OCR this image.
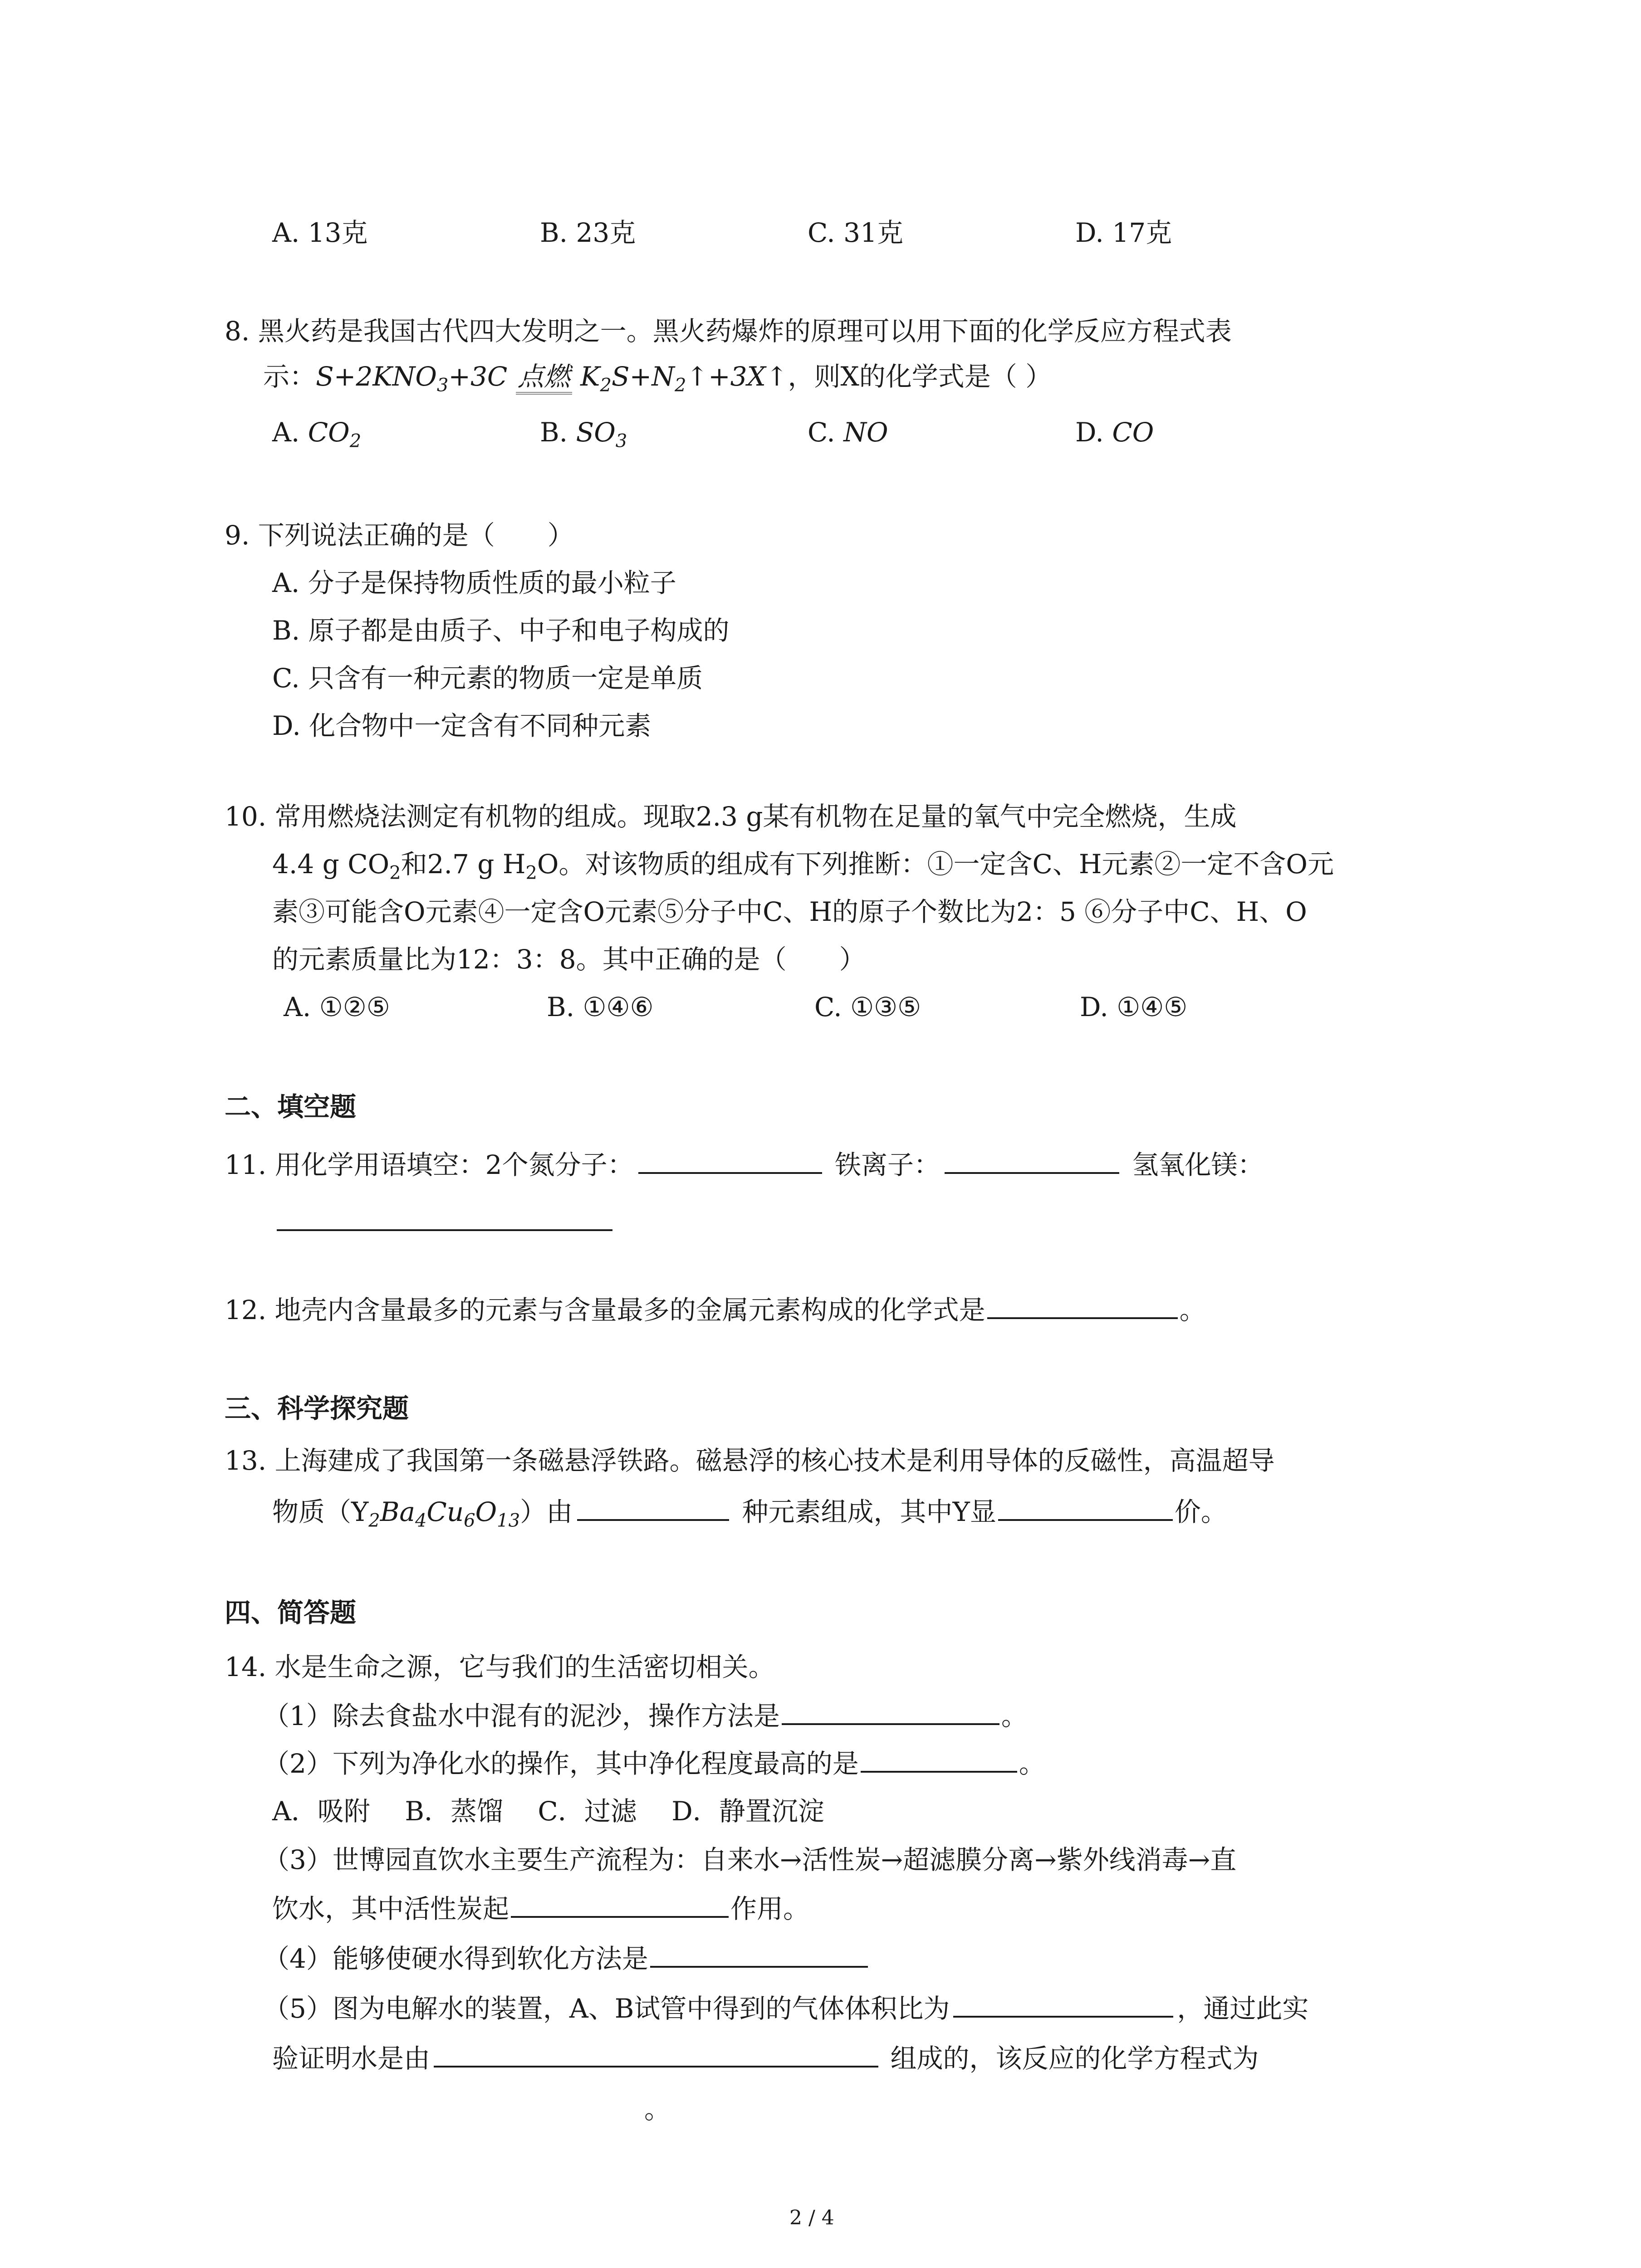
A. 13克	B. 23克	C. 31克	D. 17克
8. 黑火药是我国古代四大发明之一。黑火药爆炸的原理可以用下面的化学反应方程式表
示：$S+2KNO_3+3C$ 点燃 $K_2S+N_2↑+3X↑$，则X的化学式是（ ）
A. $CO_2$	B. $SO_3$	C. NO	D. CO
9. 下列说法正确的是（　　）
A. 分子是保持物质性质的最小粒子
B. 原子都是由质子、中子和电子构成的
C. 只含有一种元素的物质一定是单质
D. 化合物中一定含有不同种元素
10. 常用燃烧法测定有机物的组成。现取2.3 g某有机物在足量的氧气中完全燃烧，生成
4.4 g $CO_2$和2.7 g $H_2O$。对该物质的组成有下列推断：①一定含C、H元素②一定不含O元
素③可能含O元素④一定含O元素⑤分子中C、H的原子个数比为2：5 ⑥分子中C、H、O
的元素质量比为12：3：8。其中正确的是（　　）
A. ①②⑤	B. ①④⑥	C. ①③⑤	D. ①④⑤
二、填空题
11. 用化学用语填空：2个氮分子：	铁离子：	氢氧化镁：
12. 地壳内含量最多的元素与含量最多的金属元素构成的化学式是	。
三、科学探究题
13. 上海建成了我国第一条磁悬浮铁路。磁悬浮的核心技术是利用导体的反磁性，高温超导
物质$(Y_2Ba_4Cu_6O_{13})$由	种元素组成，其中Y显	价。
四、简答题
14. 水是生命之源，它与我们的生活密切相关。
（1）除去食盐水中混有的泥沙，操作方法是	。
（2）下列为净化水的操作，其中净化程度最高的是	。
A．吸附　 B．蒸馏　 C．过滤　 D．静置沉淀
（3）世博园直饮水主要生产流程为：自来水→活性炭→超滤膜分离→紫外线消毒→直
饮水，其中活性炭起	作用。
（4）能够使硬水得到软化方法是
（5）图为电解水的装置，A、B试管中得到的气体体积比为	，通过此实
验证明水是由	组成的，该反应的化学方程式为
。
2 / 4
